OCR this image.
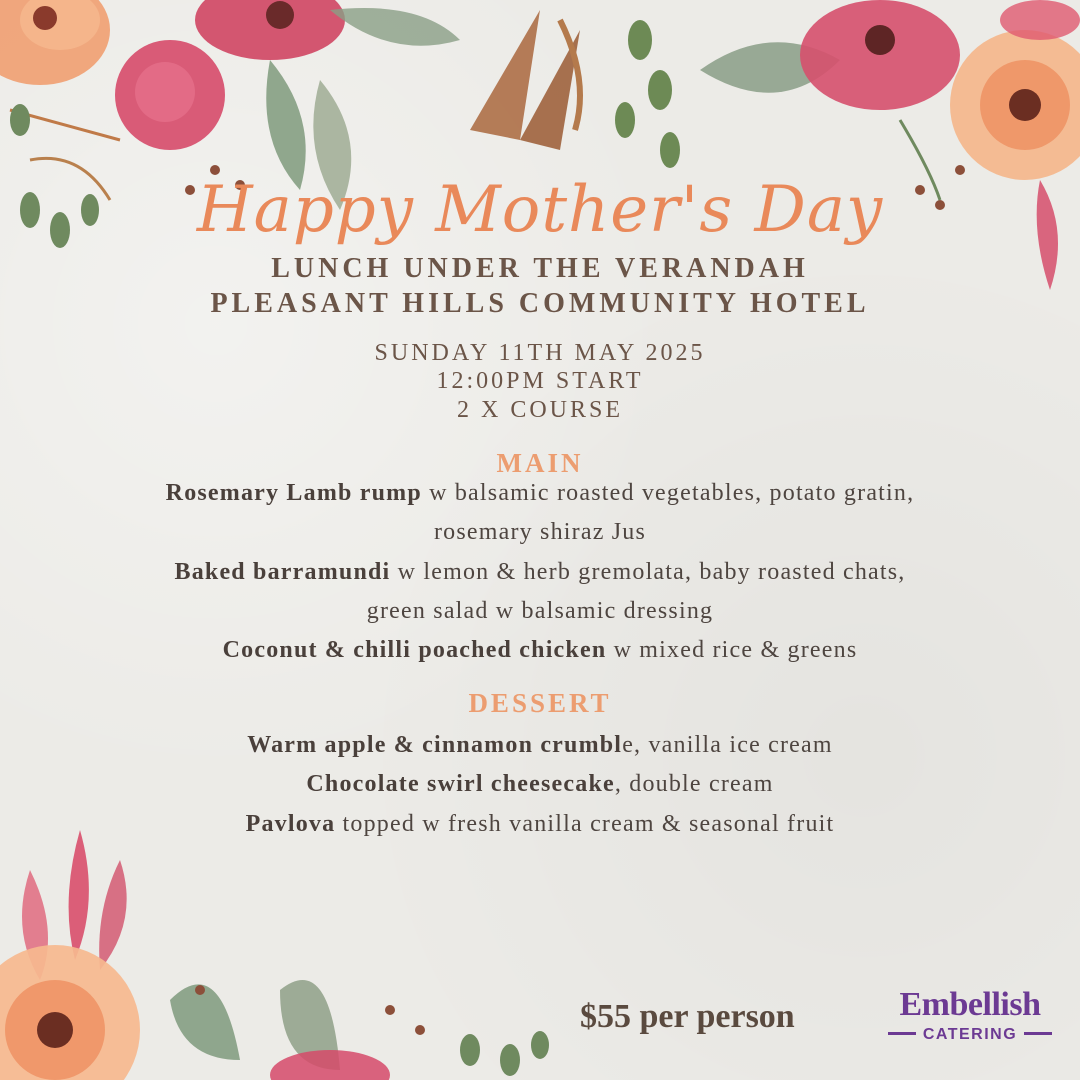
Happy Mother's Day
LUNCH UNDER THE VERANDAH
PLEASANT HILLS COMMUNITY HOTEL
SUNDAY 11TH MAY 2025
12:00PM START
2 X COURSE
MAIN
Rosemary Lamb rump w balsamic roasted vegetables, potato gratin,
rosemary shiraz Jus
Baked barramundi w lemon & herb gremolata, baby roasted chats,
green salad w balsamic dressing
Coconut & chilli poached chicken w mixed rice & greens
DESSERT
Warm apple & cinnamon crumble, vanilla ice cream
Chocolate swirl cheesecake, double cream
Pavlova topped w fresh vanilla cream & seasonal fruit
$55 per person	Embellish
CATERING
